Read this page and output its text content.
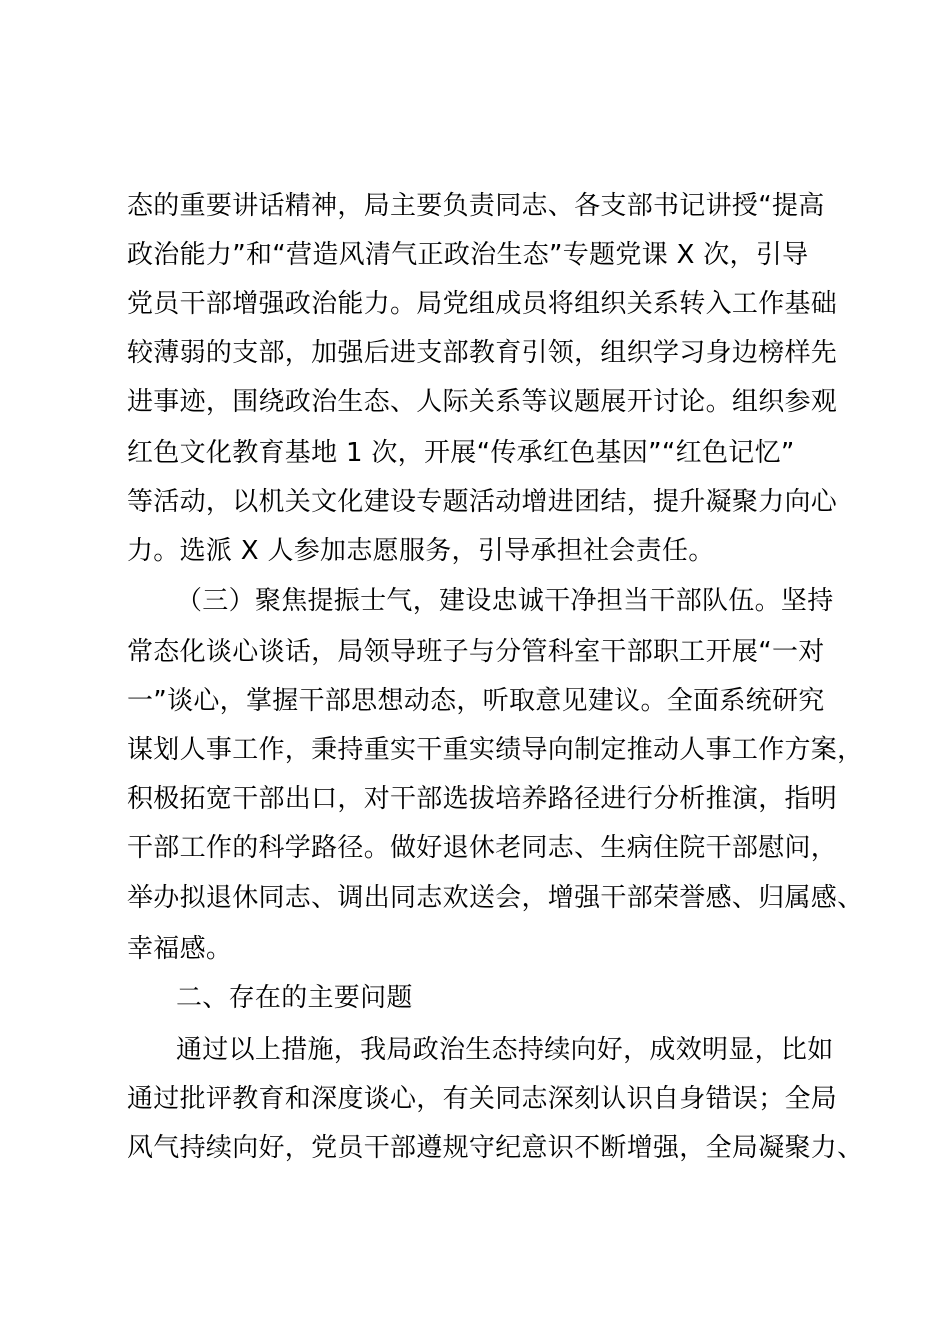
态的重要讲话精神，局主要负责同志、各支部书记讲授“提高
政治能力”和“营造风清气正政治生态”专题党课 X 次，引导
党员干部增强政治能力。局党组成员将组织关系转入工作基础
较薄弱的支部，加强后进支部教育引领，组织学习身边榜样先
进事迹，围绕政治生态、人际关系等议题展开讨论。组织参观
红色文化教育基地 1 次，开展“传承红色基因”“红色记忆”
等活动，以机关文化建设专题活动增进团结，提升凝聚力向心
力。选派 X 人参加志愿服务，引导承担社会责任。
（三）聚焦提振士气，建设忠诚干净担当干部队伍。坚持
常态化谈心谈话，局领导班子与分管科室干部职工开展“一对
一”谈心，掌握干部思想动态，听取意见建议。全面系统研究
谋划人事工作，秉持重实干重实绩导向制定推动人事工作方案，
积极拓宽干部出口，对干部选拔培养路径进行分析推演，指明
干部工作的科学路径。做好退休老同志、生病住院干部慰问，
举办拟退休同志、调出同志欢送会，增强干部荣誉感、归属感、
幸福感。
二、存在的主要问题
通过以上措施，我局政治生态持续向好，成效明显，比如
通过批评教育和深度谈心，有关同志深刻认识自身错误；全局
风气持续向好，党员干部遵规守纪意识不断增强，全局凝聚力、
